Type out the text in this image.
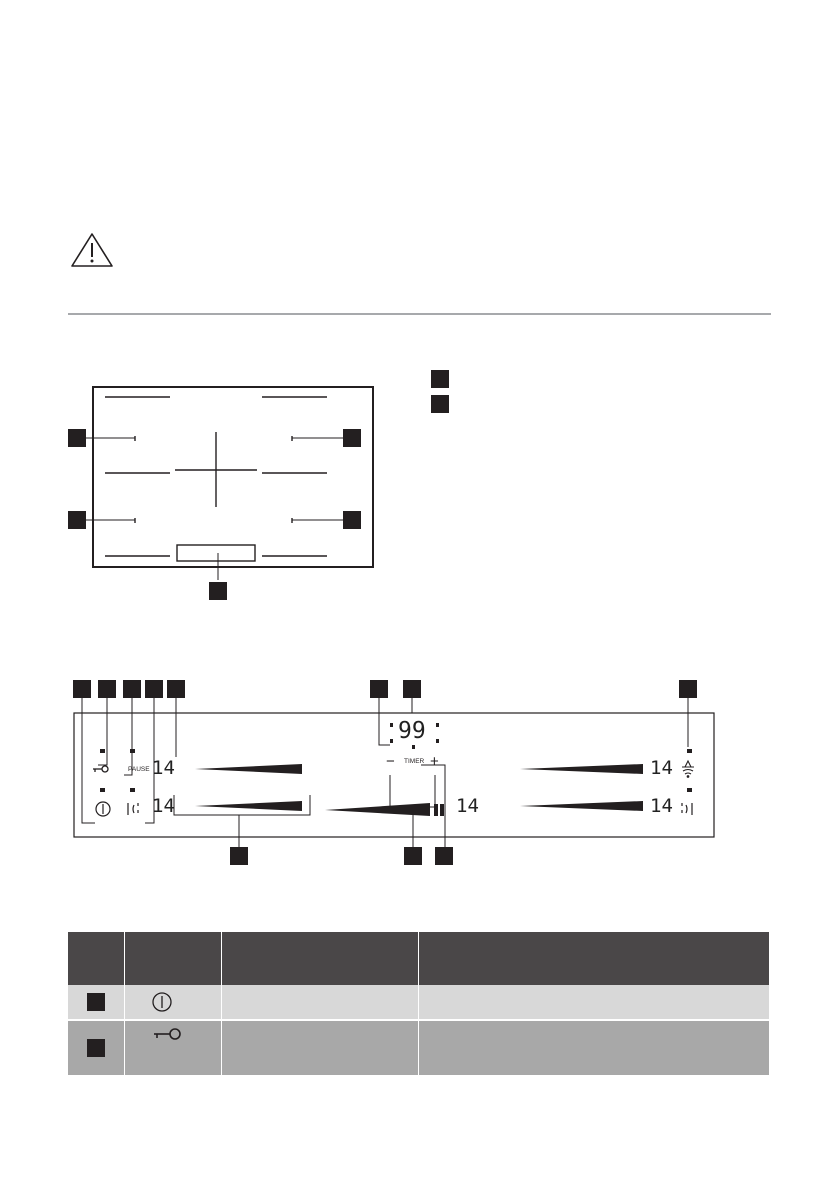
PAUSE 14
14	14
14
14
99
TIMER
− +
